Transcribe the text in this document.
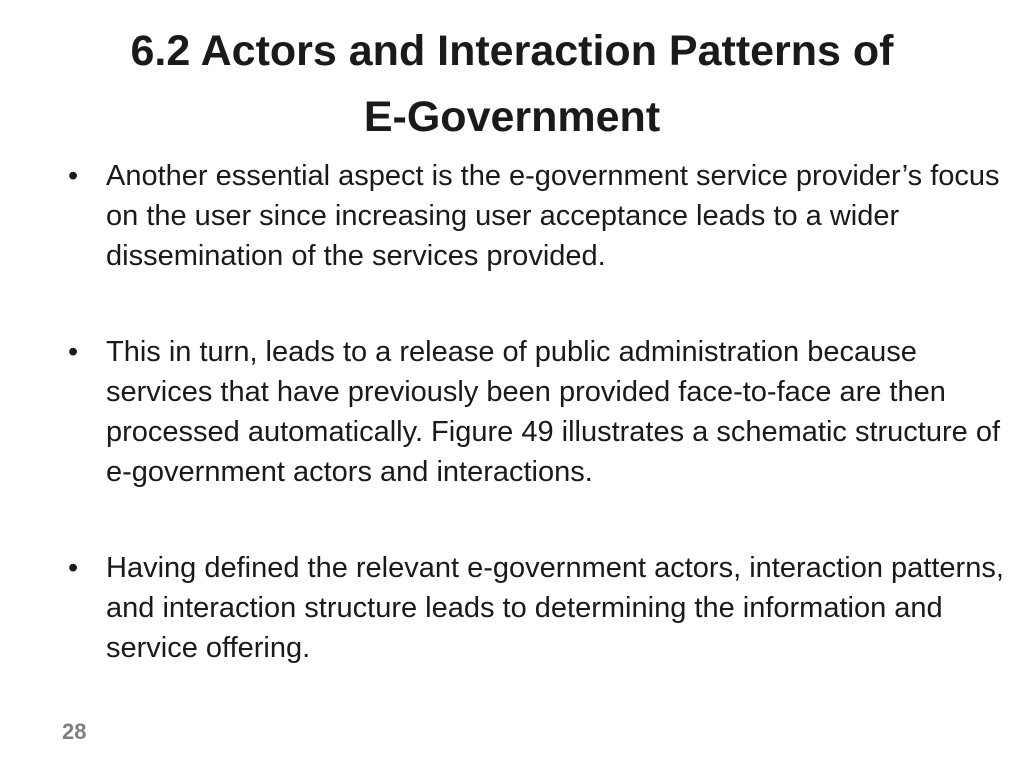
6.2 Actors and Interaction Patterns of
E-Government
• Another essential aspect is the e-government service provider’s focus on the user since increasing user acceptance leads to a wider dissemination of the services provided.
• This in turn, leads to a release of public administration because services that have previously been provided face-to-face are then processed automatically. Figure 49 illustrates a schematic structure of e-government actors and interactions.
• Having defined the relevant e-government actors, interaction patterns, and interaction structure leads to determining the information and service offering.
28
